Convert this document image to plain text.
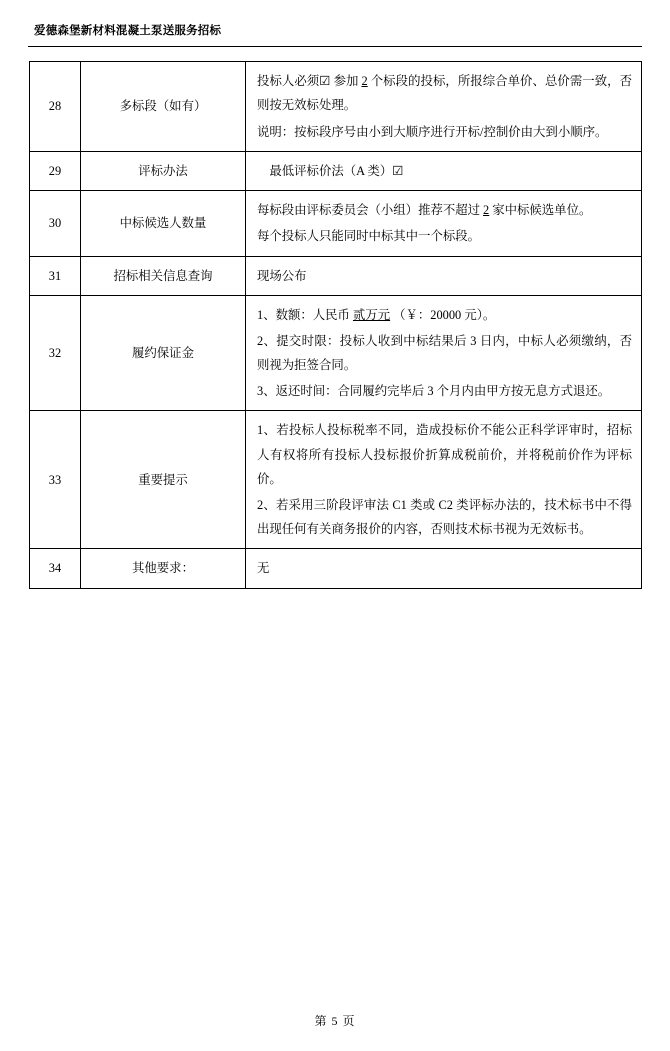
爱德森堡新材料混凝土泵送服务招标
28	多标段（如有）	投标人必须☑ 参加 2 个标段的投标，所报综合单价、总价需一致，否则按无效标处理。

说明：按标段序号由小到大顺序进行开标/控制价由大到小顺序。

29	评标办法	　最低评标价法（A 类）☑

30	中标候选人数量	每标段由评标委员会（小组）推荐不超过 2 家中标候选单位。

每个投标人只能同时中标其中一个标段。

31	招标相关信息查询	现场公布

32	履约保证金	1、数额：人民币 贰万元 （￥：20000 元）。

2、提交时限：投标人收到中标结果后 3 日内，中标人必须缴纳，否则视为拒签合同。

3、返还时间：合同履约完毕后 3 个月内由甲方按无息方式退还。

33	重要提示	1、若投标人投标税率不同，造成投标价不能公正科学评审时，招标人有权将所有投标人投标报价折算成税前价，并将税前价作为评标价。

2、若采用三阶段评审法 C1 类或 C2 类评标办法的，技术标书中不得出现任何有关商务报价的内容，否则技术标书视为无效标书。

34	其他要求：	无

第 5 页
